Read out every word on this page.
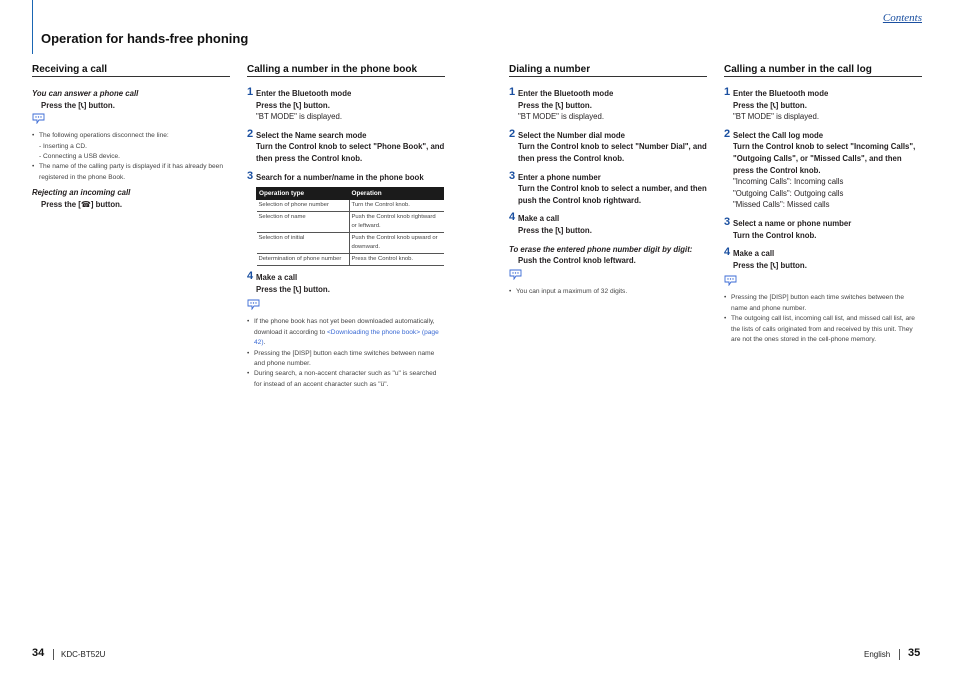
Contents
Operation for hands-free phoning
Receiving a call
You can answer a phone call
Press the [📞︎] button.
• The following operations disconnect the line:
- Inserting a CD.
- Connecting a USB device.
• The name of the calling party is displayed if it has already been registered in the phone Book.
Rejecting an incoming call
Press the [☎︎] button.
Calling a number in the phone book
1 Enter the Bluetooth mode
Press the [📞︎] button.
"BT MODE" is displayed.
2 Select the Name search mode
Turn the Control knob to select "Phone Book", and then press the Control knob.
3 Search for a number/name in the phone book
Operation type	Operation
Selection of phone number	Turn the Control knob.
Selection of name	Push the Control knob rightward or leftward.
Selection of initial	Push the Control knob upward or downward.
Determination of phone number	Press the Control knob.
4 Make a call
Press the [📞︎] button.
• If the phone book has not yet been downloaded automatically, download it according to <Downloading the phone book> (page 42).
• Pressing the [DISP] button each time switches between name and phone number.
• During search, a non-accent character such as "u" is searched for instead of an accent character such as "ü".
Dialing a number
1 Enter the Bluetooth mode
Press the [📞︎] button.
"BT MODE" is displayed.
2 Select the Number dial mode
Turn the Control knob to select "Number Dial", and then press the Control knob.
3 Enter a phone number
Turn the Control knob to select a number, and then push the Control knob rightward.
4 Make a call
Press the [📞︎] button.
To erase the entered phone number digit by digit:
Push the Control knob leftward.
• You can input a maximum of 32 digits.
Calling a number in the call log
1 Enter the Bluetooth mode
Press the [📞︎] button.
"BT MODE" is displayed.
2 Select the Call log mode
Turn the Control knob to select "Incoming Calls", "Outgoing Calls", or "Missed Calls", and then press the Control knob.
"Incoming Calls": Incoming calls
"Outgoing Calls": Outgoing calls
"Missed Calls": Missed calls
3 Select a name or phone number
Turn the Control knob.
4 Make a call
Press the [📞︎] button.
• Pressing the [DISP] button each time switches between the name and phone number.
• The outgoing call list, incoming call list, and missed call list, are the lists of calls originated from and received by this unit. They are not the ones stored in the cell-phone memory.
34 KDC-BT52U	English 35
